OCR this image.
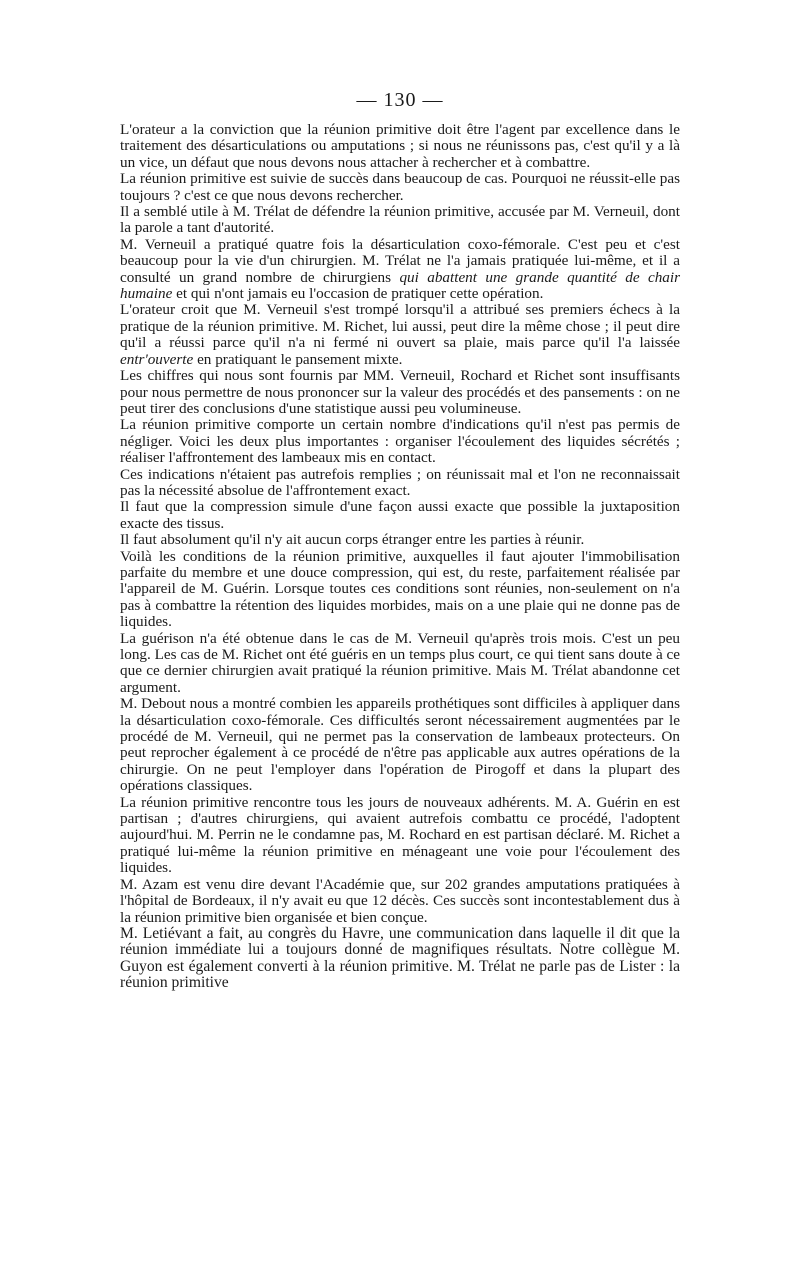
— 130 —

L'orateur a la conviction que la réunion primitive doit être l'agent par excellence dans le traitement des désarticulations ou amputations ; si nous ne réunissons pas, c'est qu'il y a là un vice, un défaut que nous devons nous attacher à rechercher et à combattre.

La réunion primitive est suivie de succès dans beaucoup de cas. Pourquoi ne réussit-elle pas toujours ? c'est ce que nous devons rechercher.

Il a semblé utile à M. Trélat de défendre la réunion primitive, accusée par M. Verneuil, dont la parole a tant d'autorité.

M. Verneuil a pratiqué quatre fois la désarticulation coxo-fémorale. C'est peu et c'est beaucoup pour la vie d'un chirurgien. M. Trélat ne l'a jamais pratiquée lui-même, et il a consulté un grand nombre de chirurgiens qui abattent une grande quantité de chair humaine et qui n'ont jamais eu l'occasion de pratiquer cette opération.

L'orateur croit que M. Verneuil s'est trompé lorsqu'il a attribué ses premiers échecs à la pratique de la réunion primitive. M. Richet, lui aussi, peut dire la même chose ; il peut dire qu'il a réussi parce qu'il n'a ni fermé ni ouvert sa plaie, mais parce qu'il l'a laissée entr'ouverte en pratiquant le pansement mixte.

Les chiffres qui nous sont fournis par MM. Verneuil, Rochard et Richet sont insuffisants pour nous permettre de nous prononcer sur la valeur des procédés et des pansements : on ne peut tirer des conclusions d'une statistique aussi peu volumineuse.

La réunion primitive comporte un certain nombre d'indications qu'il n'est pas permis de négliger. Voici les deux plus importantes : organiser l'écoulement des liquides sécrétés ; réaliser l'affrontement des lambeaux mis en contact.

Ces indications n'étaient pas autrefois remplies ; on réunissait mal et l'on ne reconnaissait pas la nécessité absolue de l'affrontement exact.

Il faut que la compression simule d'une façon aussi exacte que possible la juxtaposition exacte des tissus.

Il faut absolument qu'il n'y ait aucun corps étranger entre les parties à réunir.

Voilà les conditions de la réunion primitive, auxquelles il faut ajouter l'immobilisation parfaite du membre et une douce compression, qui est, du reste, parfaitement réalisée par l'appareil de M. Guérin. Lorsque toutes ces conditions sont réunies, non-seulement on n'a pas à combattre la rétention des liquides morbides, mais on a une plaie qui ne donne pas de liquides.

La guérison n'a été obtenue dans le cas de M. Verneuil qu'après trois mois. C'est un peu long. Les cas de M. Richet ont été guéris en un temps plus court, ce qui tient sans doute à ce que ce dernier chirurgien avait pratiqué la réunion primitive. Mais M. Trélat abandonne cet argument.

M. Debout nous a montré combien les appareils prothétiques sont difficiles à appliquer dans la désarticulation coxo-fémorale. Ces difficultés seront nécessairement augmentées par le procédé de M. Verneuil, qui ne permet pas la conservation de lambeaux protecteurs. On peut reprocher également à ce procédé de n'être pas applicable aux autres opérations de la chirurgie. On ne peut l'employer dans l'opération de Pirogoff et dans la plupart des opérations classiques.

La réunion primitive rencontre tous les jours de nouveaux adhérents. M. A. Guérin en est partisan ; d'autres chirurgiens, qui avaient autrefois combattu ce procédé, l'adoptent aujourd'hui. M. Perrin ne le condamne pas, M. Rochard en est partisan déclaré. M. Richet a pratiqué lui-même la réunion primitive en ménageant une voie pour l'écoulement des liquides.

M. Azam est venu dire devant l'Académie que, sur 202 grandes amputations pratiquées à l'hôpital de Bordeaux, il n'y avait eu que 12 décès. Ces succès sont incontestablement dus à la réunion primitive bien organisée et bien conçue.

M. Letiévant a fait, au congrès du Havre, une communication dans laquelle il dit que la réunion immédiate lui a toujours donné de magnifiques résultats. Notre collègue M. Guyon est également converti à la réunion primitive. M. Trélat ne parle pas de Lister : la réunion primitive
